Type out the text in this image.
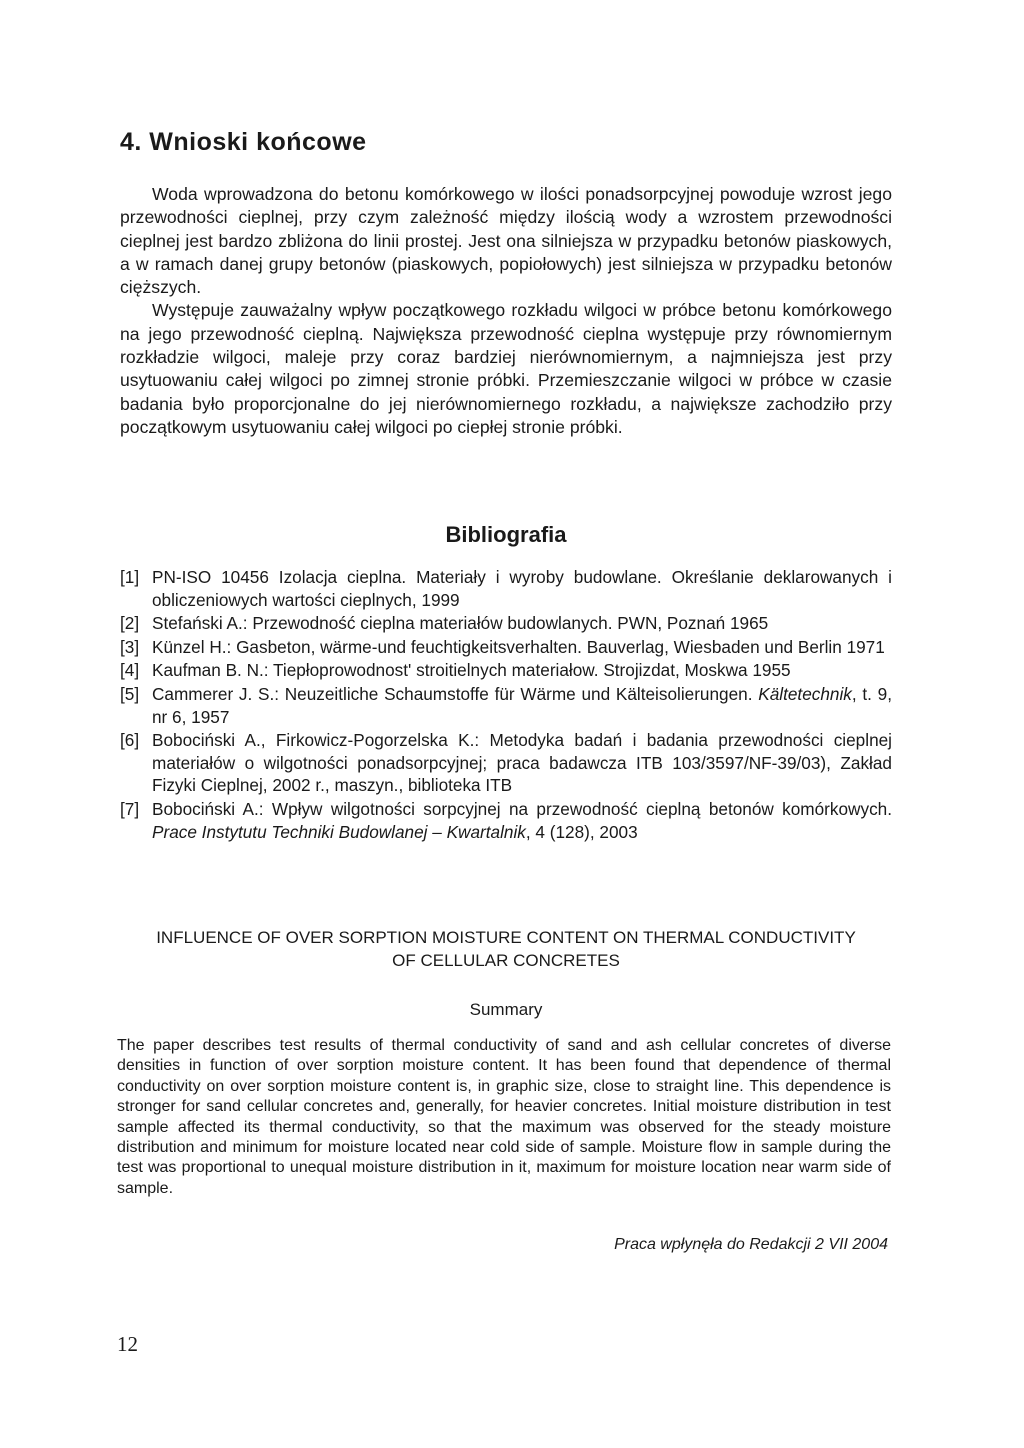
4. Wnioski końcowe

Woda wprowadzona do betonu komórkowego w ilości ponadsorpcyjnej powoduje wzrost jego przewodności cieplnej, przy czym zależność między ilością wody a wzrostem przewodności cieplnej jest bardzo zbliżona do linii prostej. Jest ona silniejsza w przypadku betonów piaskowych, a w ramach danej grupy betonów (piaskowych, popiołowych) jest silniejsza w przypadku betonów cięższych.

Występuje zauważalny wpływ początkowego rozkładu wilgoci w próbce betonu komórkowego na jego przewodność cieplną. Największa przewodność cieplna występuje przy równomiernym rozkładzie wilgoci, maleje przy coraz bardziej nierównomiernym, a najmniejsza jest przy usytuowaniu całej wilgoci po zimnej stronie próbki. Przemieszczanie wilgoci w próbce w czasie badania było proporcjonalne do jej nierównomiernego rozkładu, a największe zachodziło przy początkowym usytuowaniu całej wilgoci po ciepłej stronie próbki.

Bibliografia
[1] PN-ISO 10456 Izolacja cieplna. Materiały i wyroby budowlane. Określanie deklarowanych i obliczeniowych wartości cieplnych, 1999
[2] Stefański A.: Przewodność cieplna materiałów budowlanych. PWN, Poznań 1965
[3] Künzel H.: Gasbeton, wärme-und feuchtigkeitsverhalten. Bauverlag, Wiesbaden und Berlin 1971
[4] Kaufman B. N.: Tiepłoprowodnost' stroitielnych materiałow. Strojizdat, Moskwa 1955
[5] Cammerer J. S.: Neuzeitliche Schaumstoffe für Wärme und Kälteisolierungen. Kältetechnik, t. 9, nr 6, 1957
[6] Bobociński A., Firkowicz-Pogorzelska K.: Metodyka badań i badania przewodności cieplnej materiałów o wilgotności ponadsorpcyjnej; praca badawcza ITB 103/3597/NF-39/03), Zakład Fizyki Cieplnej, 2002 r., maszyn., biblioteka ITB
[7] Bobociński A.: Wpływ wilgotności sorpcyjnej na przewodność cieplną betonów komórkowych. Prace Instytutu Techniki Budowlanej – Kwartalnik, 4 (128), 2003
INFLUENCE OF OVER SORPTION MOISTURE CONTENT ON THERMAL CONDUCTIVITY
OF CELLULAR CONCRETES

Summary

The paper describes test results of thermal conductivity of sand and ash cellular concretes of diverse densities in function of over sorption moisture content. It has been found that dependence of thermal conductivity on over sorption moisture content is, in graphic size, close to straight line. This dependence is stronger for sand cellular concretes and, generally, for heavier concretes. Initial moisture distribution in test sample affected its thermal conductivity, so that the maximum was observed for the steady moisture distribution and minimum for moisture located near cold side of sample. Moisture flow in sample during the test was proportional to unequal moisture distribution in it, maximum for moisture location near warm side of sample.

Praca wpłynęła do Redakcji 2 VII 2004

12
